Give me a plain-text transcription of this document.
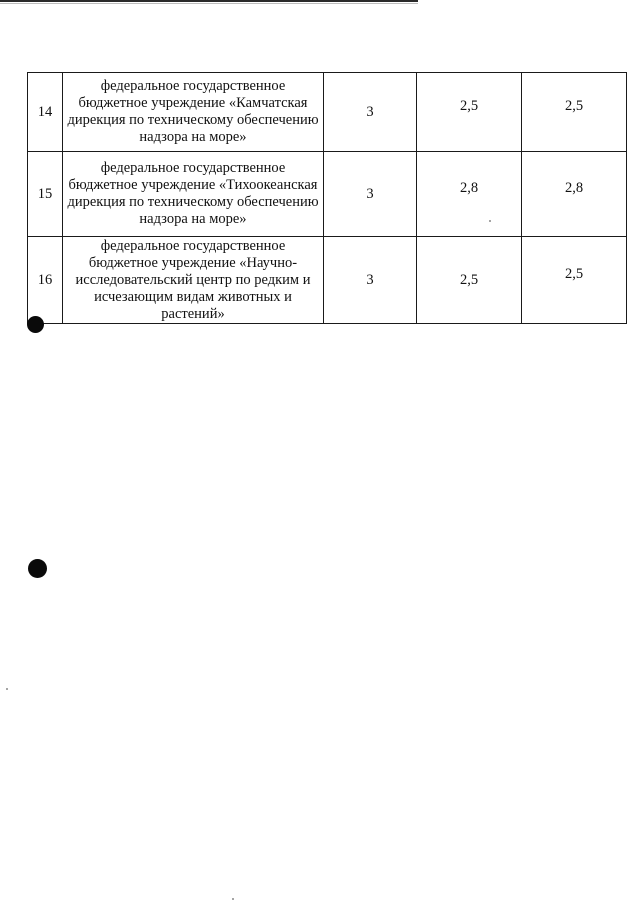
14	федеральное государственное бюджетное учреждение «Камчатская дирекция по техническому обеспечению надзора на море»	3	2,5	2,5
15	федеральное государственное бюджетное учреждение «Тихоокеанская дирекция по техническому обеспечению надзора на море»	3	2,8	2,8
16	федеральное государственное бюджетное учреждение «Научно-исследовательский центр по редким и исчезающим видам животных и растений»	3	2,5	2,5
